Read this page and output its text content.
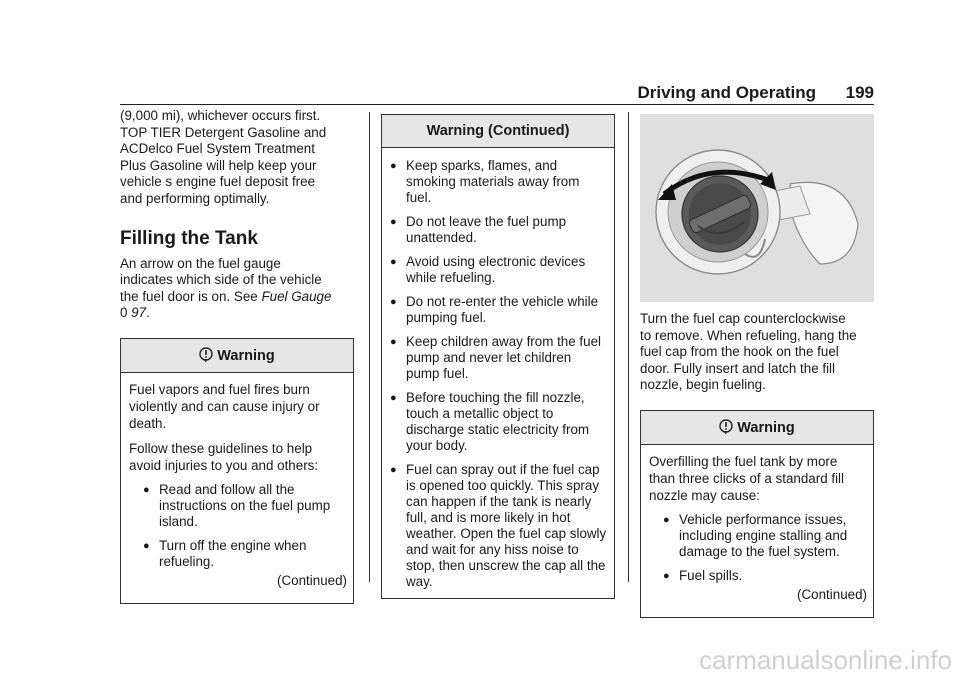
Driving and Operating 199
(9,000 mi), whichever occurs first.
TOP TIER Detergent Gasoline and
ACDelco Fuel System Treatment
Plus Gasoline will help keep your
vehicle s engine fuel deposit free
and performing optimally.
Filling the Tank
An arrow on the fuel gauge
indicates which side of the vehicle
the fuel door is on. See Fuel Gauge
0 97.
Warning

Fuel vapors and fuel fires burn violently and can cause injury or death.

Follow these guidelines to help avoid injuries to you and others:

● Read and follow all the instructions on the fuel pump island.
● Turn off the engine when refueling.

(Continued)

Warning (Continued)
● Keep sparks, flames, and smoking materials away from fuel.
● Do not leave the fuel pump unattended.
● Avoid using electronic devices while refueling.
● Do not re-enter the vehicle while pumping fuel.
● Keep children away from the fuel pump and never let children pump fuel.
● Before touching the fill nozzle, touch a metallic object to discharge static electricity from your body.
● Fuel can spray out if the fuel cap is opened too quickly. This spray can happen if the tank is nearly full, and is more likely in hot weather. Open the fuel cap slowly and wait for any hiss noise to stop, then unscrew the cap all the way.
Turn the fuel cap counterclockwise
to remove. When refueling, hang the
fuel cap from the hook on the fuel
door. Fully insert and latch the fill
nozzle, begin fueling.
Warning

Overfilling the fuel tank by more than three clicks of a standard fill nozzle may cause:

● Vehicle performance issues, including engine stalling and damage to the fuel system.
● Fuel spills.

(Continued)

carmanualsonline.info
